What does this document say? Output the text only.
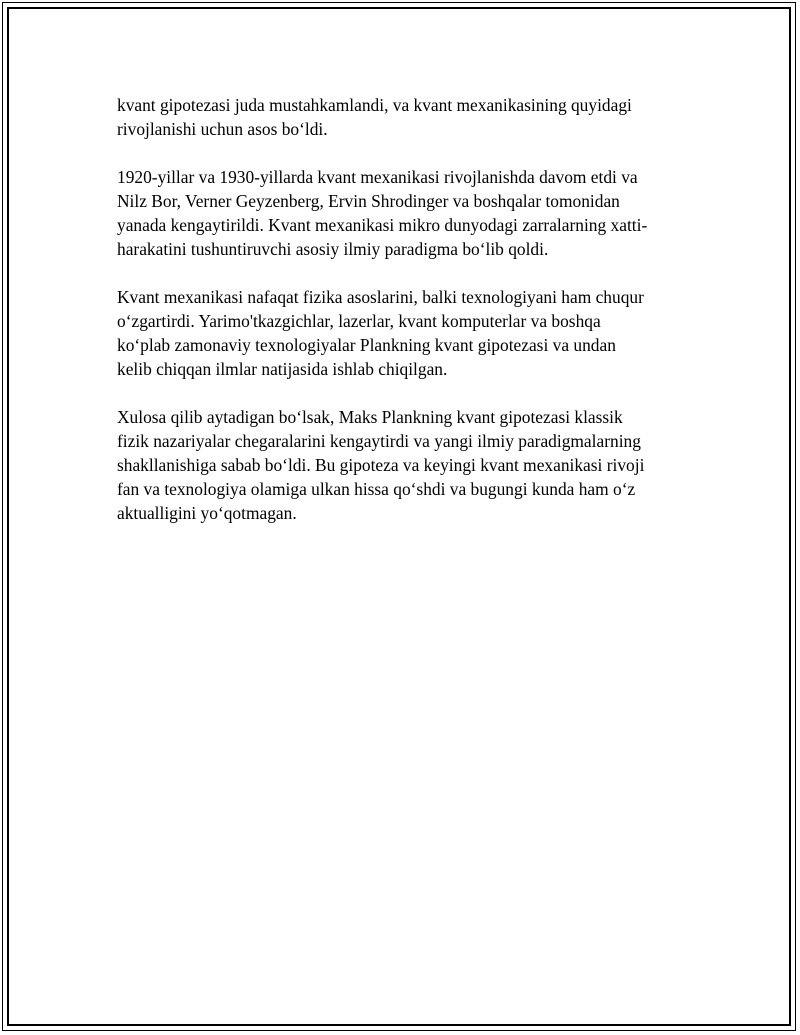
kvant gipotezasi juda mustahkamlandi, va kvant mexanikasining quyidagi
rivojlanishi uchun asos bo‘ldi.

1920-yillar va 1930-yillarda kvant mexanikasi rivojlanishda davom etdi va
Nilz Bor, Verner Geyzenberg, Ervin Shrodinger va boshqalar tomonidan
yanada kengaytirildi. Kvant mexanikasi mikro dunyodagi zarralarning xatti-
harakatini tushuntiruvchi asosiy ilmiy paradigma bo‘lib qoldi.

Kvant mexanikasi nafaqat fizika asoslarini, balki texnologiyani ham chuqur
o‘zgartirdi. Yarimo'tkazgichlar, lazerlar, kvant komputerlar va boshqa
ko‘plab zamonaviy texnologiyalar Plankning kvant gipotezasi va undan
kelib chiqqan ilmlar natijasida ishlab chiqilgan.

Xulosa qilib aytadigan bo‘lsak, Maks Plankning kvant gipotezasi klassik
fizik nazariyalar chegaralarini kengaytirdi va yangi ilmiy paradigmalarning
shakllanishiga sabab bo‘ldi. Bu gipoteza va keyingi kvant mexanikasi rivoji
fan va texnologiya olamiga ulkan hissa qo‘shdi va bugungi kunda ham o‘z
aktualligini yo‘qotmagan.
